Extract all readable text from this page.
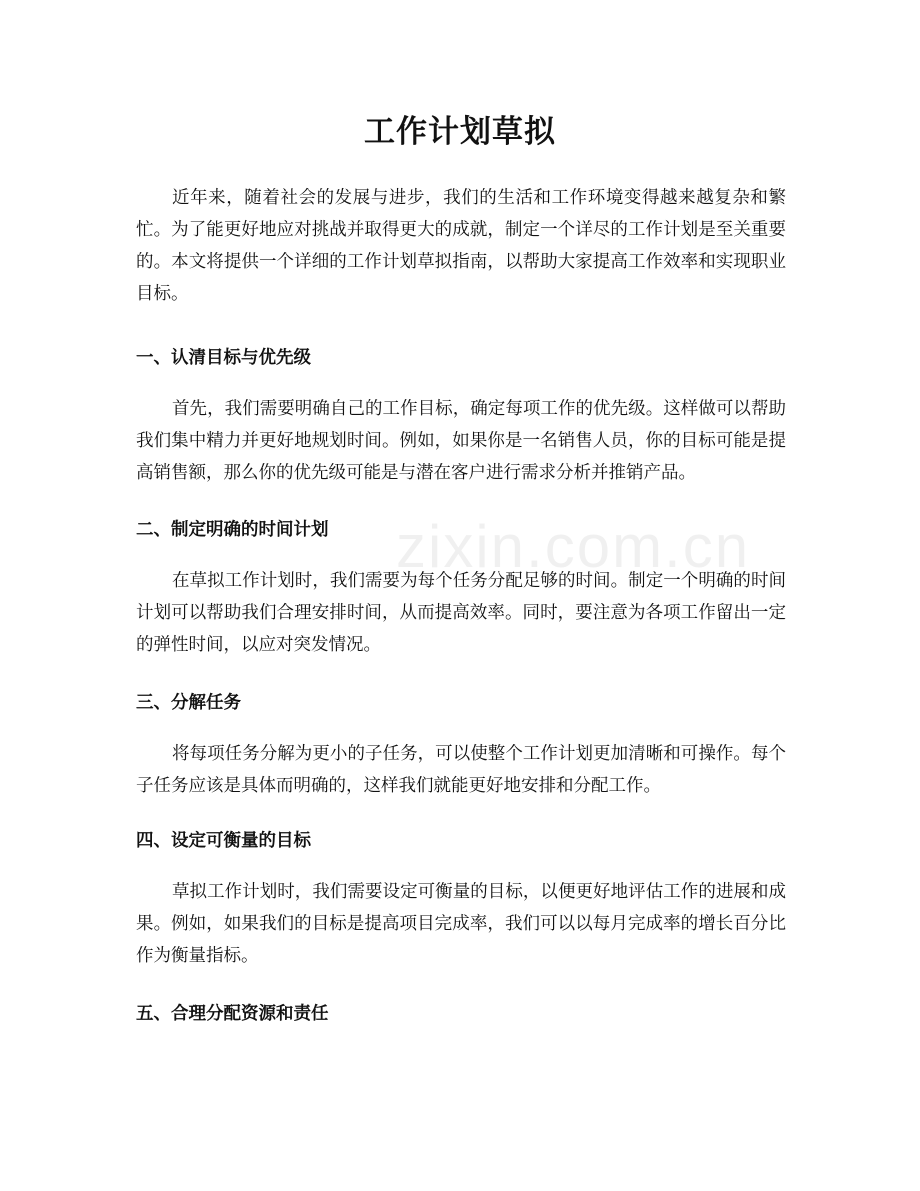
zixin.com.cn
工作计划草拟

近年来，随着社会的发展与进步，我们的生活和工作环境变得越来越复杂和繁忙。为了能更好地应对挑战并取得更大的成就，制定一个详尽的工作计划是至关重要的。本文将提供一个详细的工作计划草拟指南，以帮助大家提高工作效率和实现职业目标。

一、认清目标与优先级

首先，我们需要明确自己的工作目标，确定每项工作的优先级。这样做可以帮助我们集中精力并更好地规划时间。例如，如果你是一名销售人员，你的目标可能是提高销售额，那么你的优先级可能是与潜在客户进行需求分析并推销产品。

二、制定明确的时间计划

在草拟工作计划时，我们需要为每个任务分配足够的时间。制定一个明确的时间计划可以帮助我们合理安排时间，从而提高效率。同时，要注意为各项工作留出一定的弹性时间，以应对突发情况。

三、分解任务

将每项任务分解为更小的子任务，可以使整个工作计划更加清晰和可操作。每个子任务应该是具体而明确的，这样我们就能更好地安排和分配工作。

四、设定可衡量的目标

草拟工作计划时，我们需要设定可衡量的目标，以便更好地评估工作的进展和成果。例如，如果我们的目标是提高项目完成率，我们可以以每月完成率的增长百分比作为衡量指标。

五、合理分配资源和责任
